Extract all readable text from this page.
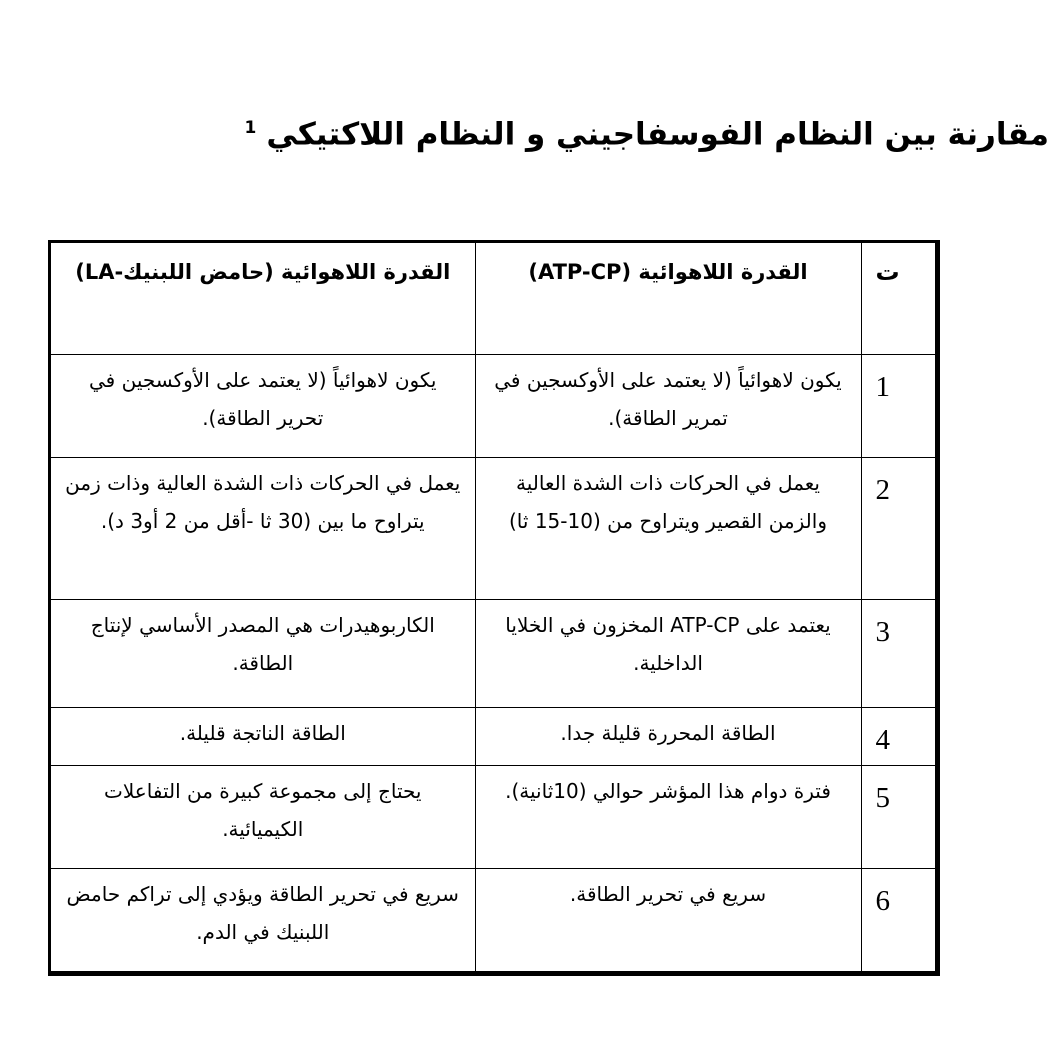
مقارنة بين النظام الفوسفاجيني و النظام اللاكتيكي$^1$
ت	القدرة اللاهوائية (ATP-CP)	القدرة اللاهوائية (حامض اللبنيك-LA)
1	يكون لاهوائياً (لا يعتمد على الأوكسجين في تمرير الطاقة).	يكون لاهوائياً (لا يعتمد على الأوكسجين في تحرير الطاقة).
2	يعمل في الحركات ذات الشدة العالية والزمن القصير ويتراوح من (10-15 ثا)	يعمل في الحركات ذات الشدة العالية وذات زمن يتراوح ما بين (30 ثا -أقل من 2 أو3 د).
3	يعتمد على ATP-CP المخزون في الخلايا الداخلية.	الكاربوهيدرات هي المصدر الأساسي لإنتاج الطاقة.
4	الطاقة المحررة قليلة جدا.	الطاقة الناتجة قليلة.
5	فترة دوام هذا المؤشر حوالي (10ثانية).	يحتاج إلى مجموعة كبيرة من التفاعلات الكيميائية.
6	سريع في تحرير الطاقة.	سريع في تحرير الطاقة ويؤدي إلى تراكم حامض اللبنيك في الدم.
